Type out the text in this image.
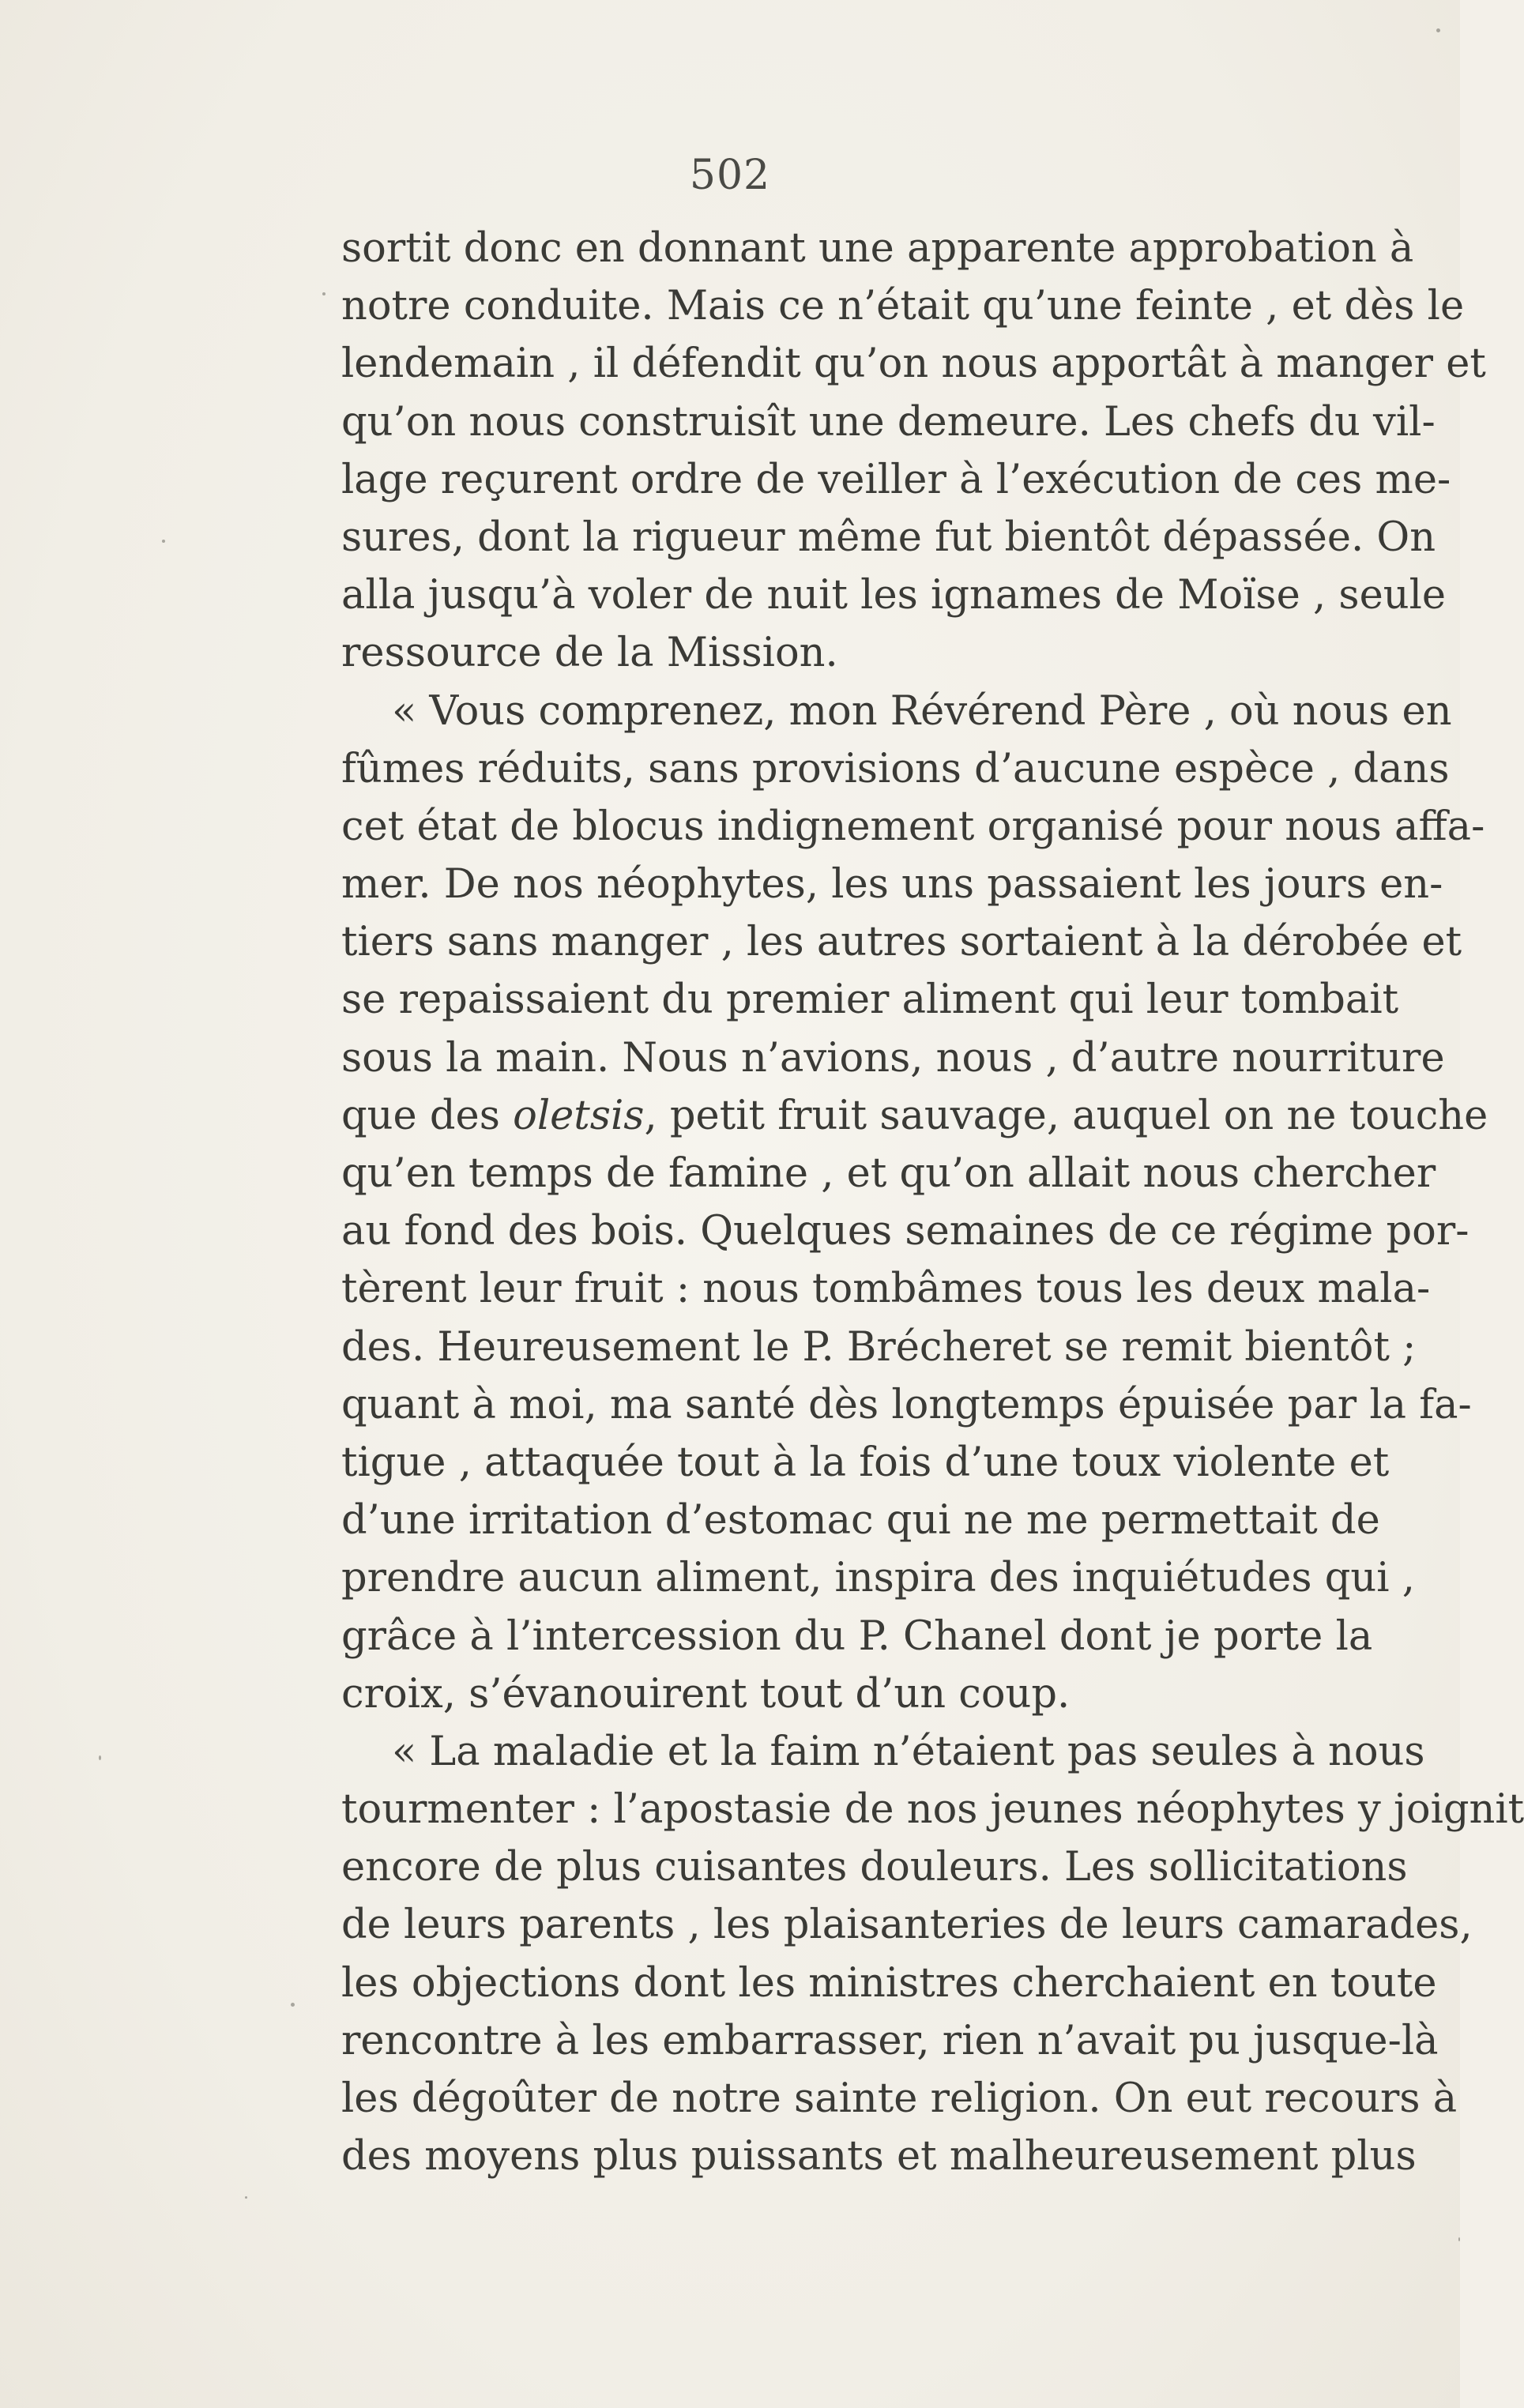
502
sortit donc en donnant une apparente approbation à
notre conduite. Mais ce n’était qu’une feinte , et dès le
lendemain , il défendit qu’on nous apportât à manger et
qu’on nous construisît une demeure. Les chefs du vil-
lage reçurent ordre de veiller à l’exécution de ces me-
sures, dont la rigueur même fut bientôt dépassée. On
alla jusqu’à voler de nuit les ignames de Moïse , seule
ressource de la Mission.
« Vous comprenez, mon Révérend Père , où nous en
fûmes réduits, sans provisions d’aucune espèce , dans
cet état de blocus indignement organisé pour nous affa-
mer. De nos néophytes, les uns passaient les jours en-
tiers sans manger , les autres sortaient à la dérobée et
se repaissaient du premier aliment qui leur tombait
sous la main. Nous n’avions, nous , d’autre nourriture
que des oletsis, petit fruit sauvage, auquel on ne touche
qu’en temps de famine , et qu’on allait nous chercher
au fond des bois. Quelques semaines de ce régime por-
tèrent leur fruit : nous tombâmes tous les deux mala-
des. Heureusement le P. Brécheret se remit bientôt ;
quant à moi, ma santé dès longtemps épuisée par la fa-
tigue , attaquée tout à la fois d’une toux violente et
d’une irritation d’estomac qui ne me permettait de
prendre aucun aliment, inspira des inquiétudes qui ,
grâce à l’intercession du P. Chanel dont je porte la
croix, s’évanouirent tout d’un coup.
« La maladie et la faim n’étaient pas seules à nous
tourmenter : l’apostasie de nos jeunes néophytes y joignit
encore de plus cuisantes douleurs. Les sollicitations
de leurs parents , les plaisanteries de leurs camarades,
les objections dont les ministres cherchaient en toute
rencontre à les embarrasser, rien n’avait pu jusque-là
les dégoûter de notre sainte religion. On eut recours à
des moyens plus puissants et malheureusement plus
